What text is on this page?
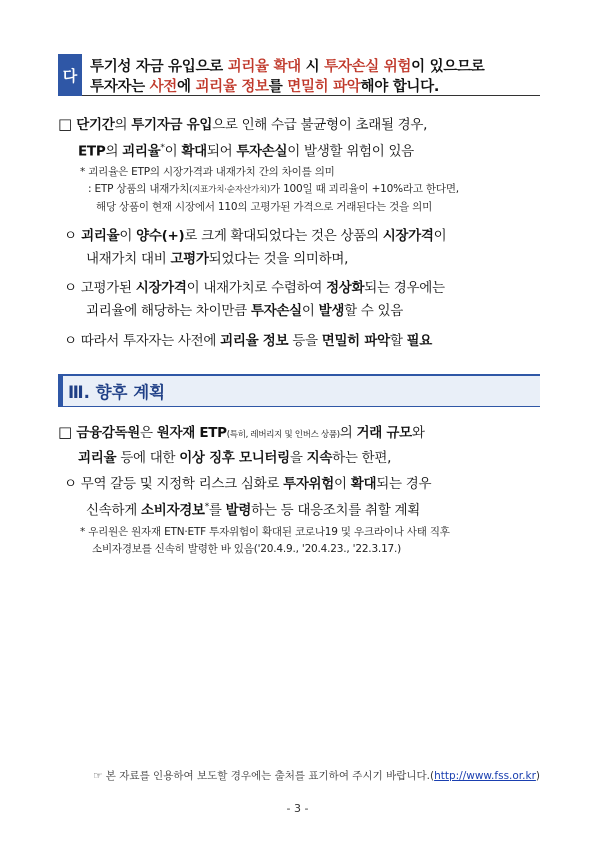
다 투기성 자금 유입으로 괴리율 확대 시 투자손실 위험이 있으므로
투자자는 사전에 괴리율 정보를 면밀히 파악해야 합니다.
□ 단기간의 투기자금 유입으로 인해 수급 불균형이 초래될 경우,
ETP의 괴리율*이 확대되어 투자손실이 발생할 위험이 있음
* 괴리율은 ETP의 시장가격과 내재가치 간의 차이를 의미
: ETP 상품의 내재가치(지표가치·순자산가치)가 100일 때 괴리율이 +10%라고 한다면,
해당 상품이 현재 시장에서 110의 고평가된 가격으로 거래된다는 것을 의미
ㅇ 괴리율이 양수(+)로 크게 확대되었다는 것은 상품의 시장가격이
내재가치 대비 고평가되었다는 것을 의미하며,
ㅇ 고평가된 시장가격이 내재가치로 수렴하여 정상화되는 경우에는
괴리율에 해당하는 차이만큼 투자손실이 발생할 수 있음
ㅇ 따라서 투자자는 사전에 괴리율 정보 등을 면밀히 파악할 필요
Ⅲ. 향후 계획
□ 금융감독원은 원자재 ETP(특히, 레버리지 및 인버스 상품)의 거래 규모와
괴리율 등에 대한 이상 징후 모니터링을 지속하는 한편,
ㅇ 무역 갈등 및 지정학 리스크 심화로 투자위험이 확대되는 경우
신속하게 소비자경보*를 발령하는 등 대응조치를 취할 계획
* 우리원은 원자재 ETN·ETF 투자위험이 확대된 코로나19 및 우크라이나 사태 직후
소비자경보를 신속히 발령한 바 있음('20.4.9., '20.4.23., '22.3.17.)
☞ 본 자료를 인용하여 보도할 경우에는 출처를 표기하여 주시기 바랍니다.(http://www.fss.or.kr)
- 3 -
